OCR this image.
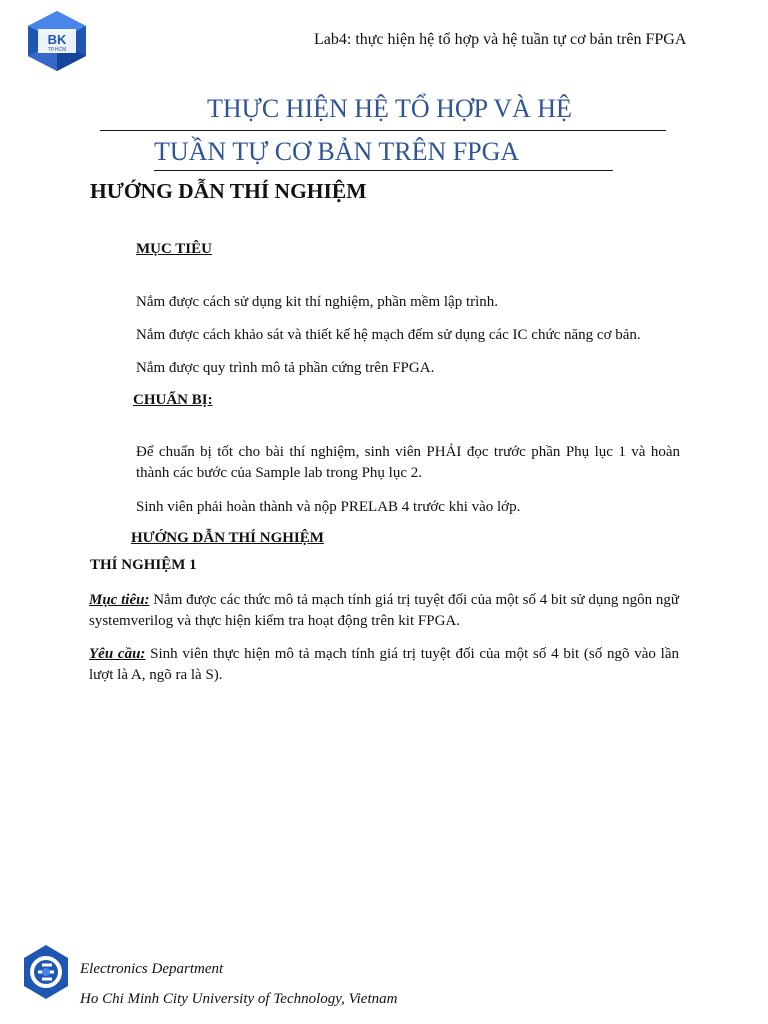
BK
TP.HCM
Lab4: thực hiện hệ tổ hợp và hệ tuần tự cơ bản trên FPGA
THỰC HIỆN HỆ TỔ HỢP VÀ HỆ
TUẦN TỰ CƠ BẢN TRÊN FPGA
HƯỚNG DẪN THÍ NGHIỆM
MỤC TIÊU
Nắm được cách sử dụng kit thí nghiệm, phần mềm lập trình.
Nắm được cách khảo sát và thiết kế hệ mạch đếm sử dụng các IC chức năng cơ bản.
Nắm được quy trình mô tả phần cứng trên FPGA.
CHUẨN BỊ:
Để chuẩn bị tốt cho bài thí nghiệm, sinh viên PHẢI đọc trước phần Phụ lục 1 và hoàn thành các bước của Sample lab trong Phụ lục 2.
Sinh viên phải hoàn thành và nộp PRELAB 4 trước khi vào lớp.
HƯỚNG DẪN THÍ NGHIỆM
THÍ NGHIỆM 1
Mục tiêu: Nắm được các thức mô tả mạch tính giá trị tuyệt đối của một số 4 bit sử dụng ngôn ngữ systemverilog và thực hiện kiểm tra hoạt động trên kit FPGA.
Yêu cầu: Sinh viên thực hiện mô tả mạch tính giá trị tuyệt đối của một số 4 bit (số ngõ vào lần lượt là A, ngõ ra là S).
Electronics Department
Ho Chi Minh City University of Technology, Vietnam
